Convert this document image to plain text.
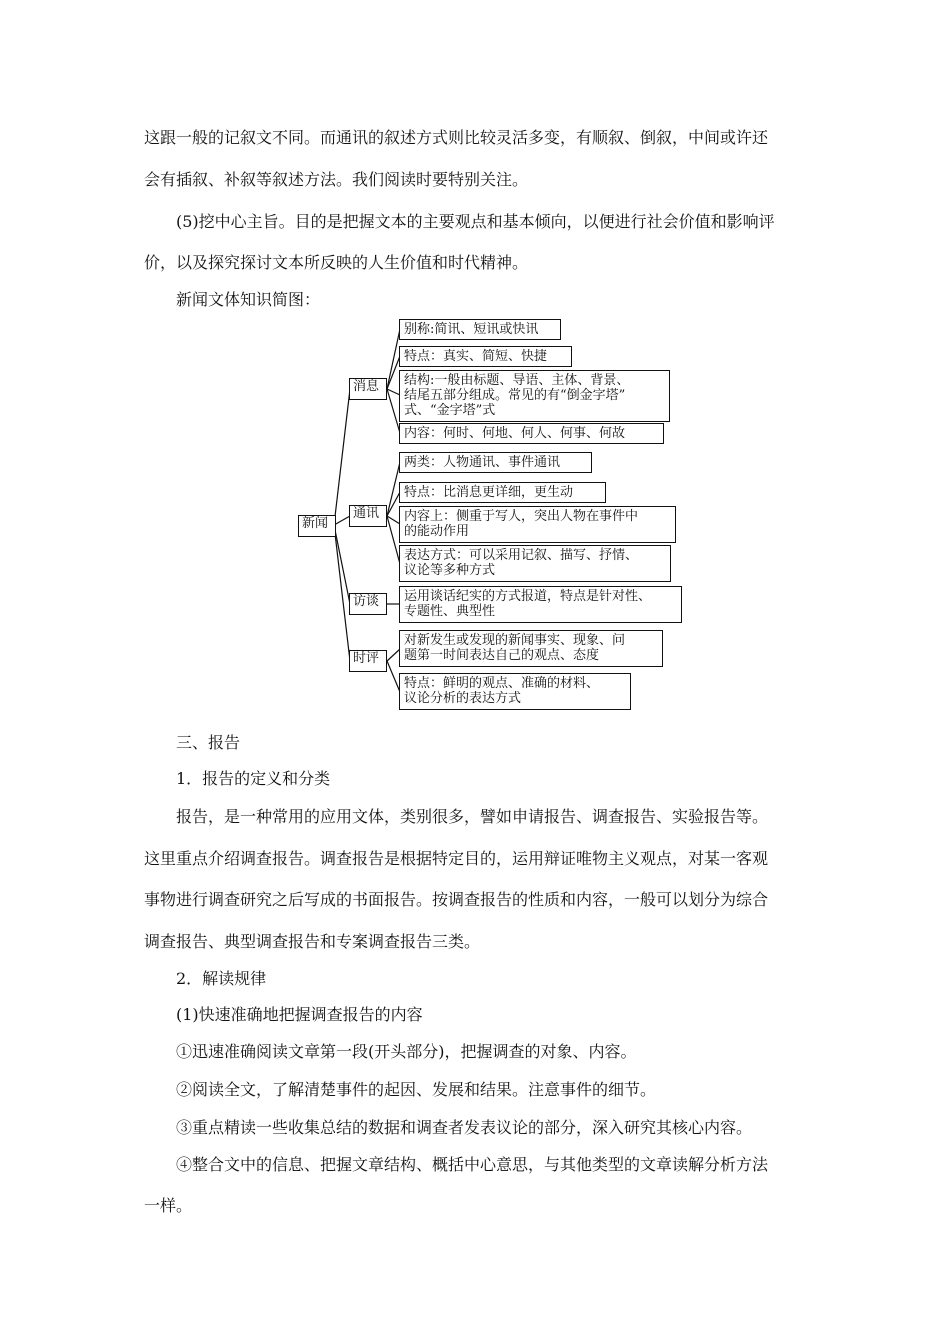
这跟一般的记叙文不同。而通讯的叙述方式则比较灵活多变，有顺叙、倒叙，中间或许还
会有插叙、补叙等叙述方法。我们阅读时要特别关注。
(5)挖中心主旨。目的是把握文本的主要观点和基本倾向，以便进行社会价值和影响评
价，以及探究探讨文本所反映的人生价值和时代精神。
新闻文体知识简图：
新闻
消息
通讯
访谈
时评
别称:简讯、短讯或快讯
特点：真实、简短、快捷
结构:一般由标题、导语、主体、背景、
结尾五部分组成。常见的有“倒金字塔”
式、“金字塔”式
内容：何时、何地、何人、何事、何故
两类：人物通讯、事件通讯
特点：比消息更详细，更生动
内容上：侧重于写人，突出人物在事件中
的能动作用
表达方式：可以采用记叙、描写、抒情、
议论等多种方式
运用谈话纪实的方式报道，特点是针对性、
专题性、典型性
对新发生或发现的新闻事实、现象、问
题第一时间表达自己的观点、态度
特点：鲜明的观点、准确的材料、
议论分析的表达方式
三、报告
1．报告的定义和分类
报告，是一种常用的应用文体，类别很多，譬如申请报告、调查报告、实验报告等。
这里重点介绍调查报告。调查报告是根据特定目的，运用辩证唯物主义观点，对某一客观
事物进行调查研究之后写成的书面报告。按调查报告的性质和内容，一般可以划分为综合
调查报告、典型调查报告和专案调查报告三类。
2．解读规律
(1)快速准确地把握调查报告的内容
①迅速准确阅读文章第一段(开头部分)，把握调查的对象、内容。
②阅读全文，了解清楚事件的起因、发展和结果。注意事件的细节。
③重点精读一些收集总结的数据和调查者发表议论的部分，深入研究其核心内容。
④整合文中的信息、把握文章结构、概括中心意思，与其他类型的文章读解分析方法
一样。
